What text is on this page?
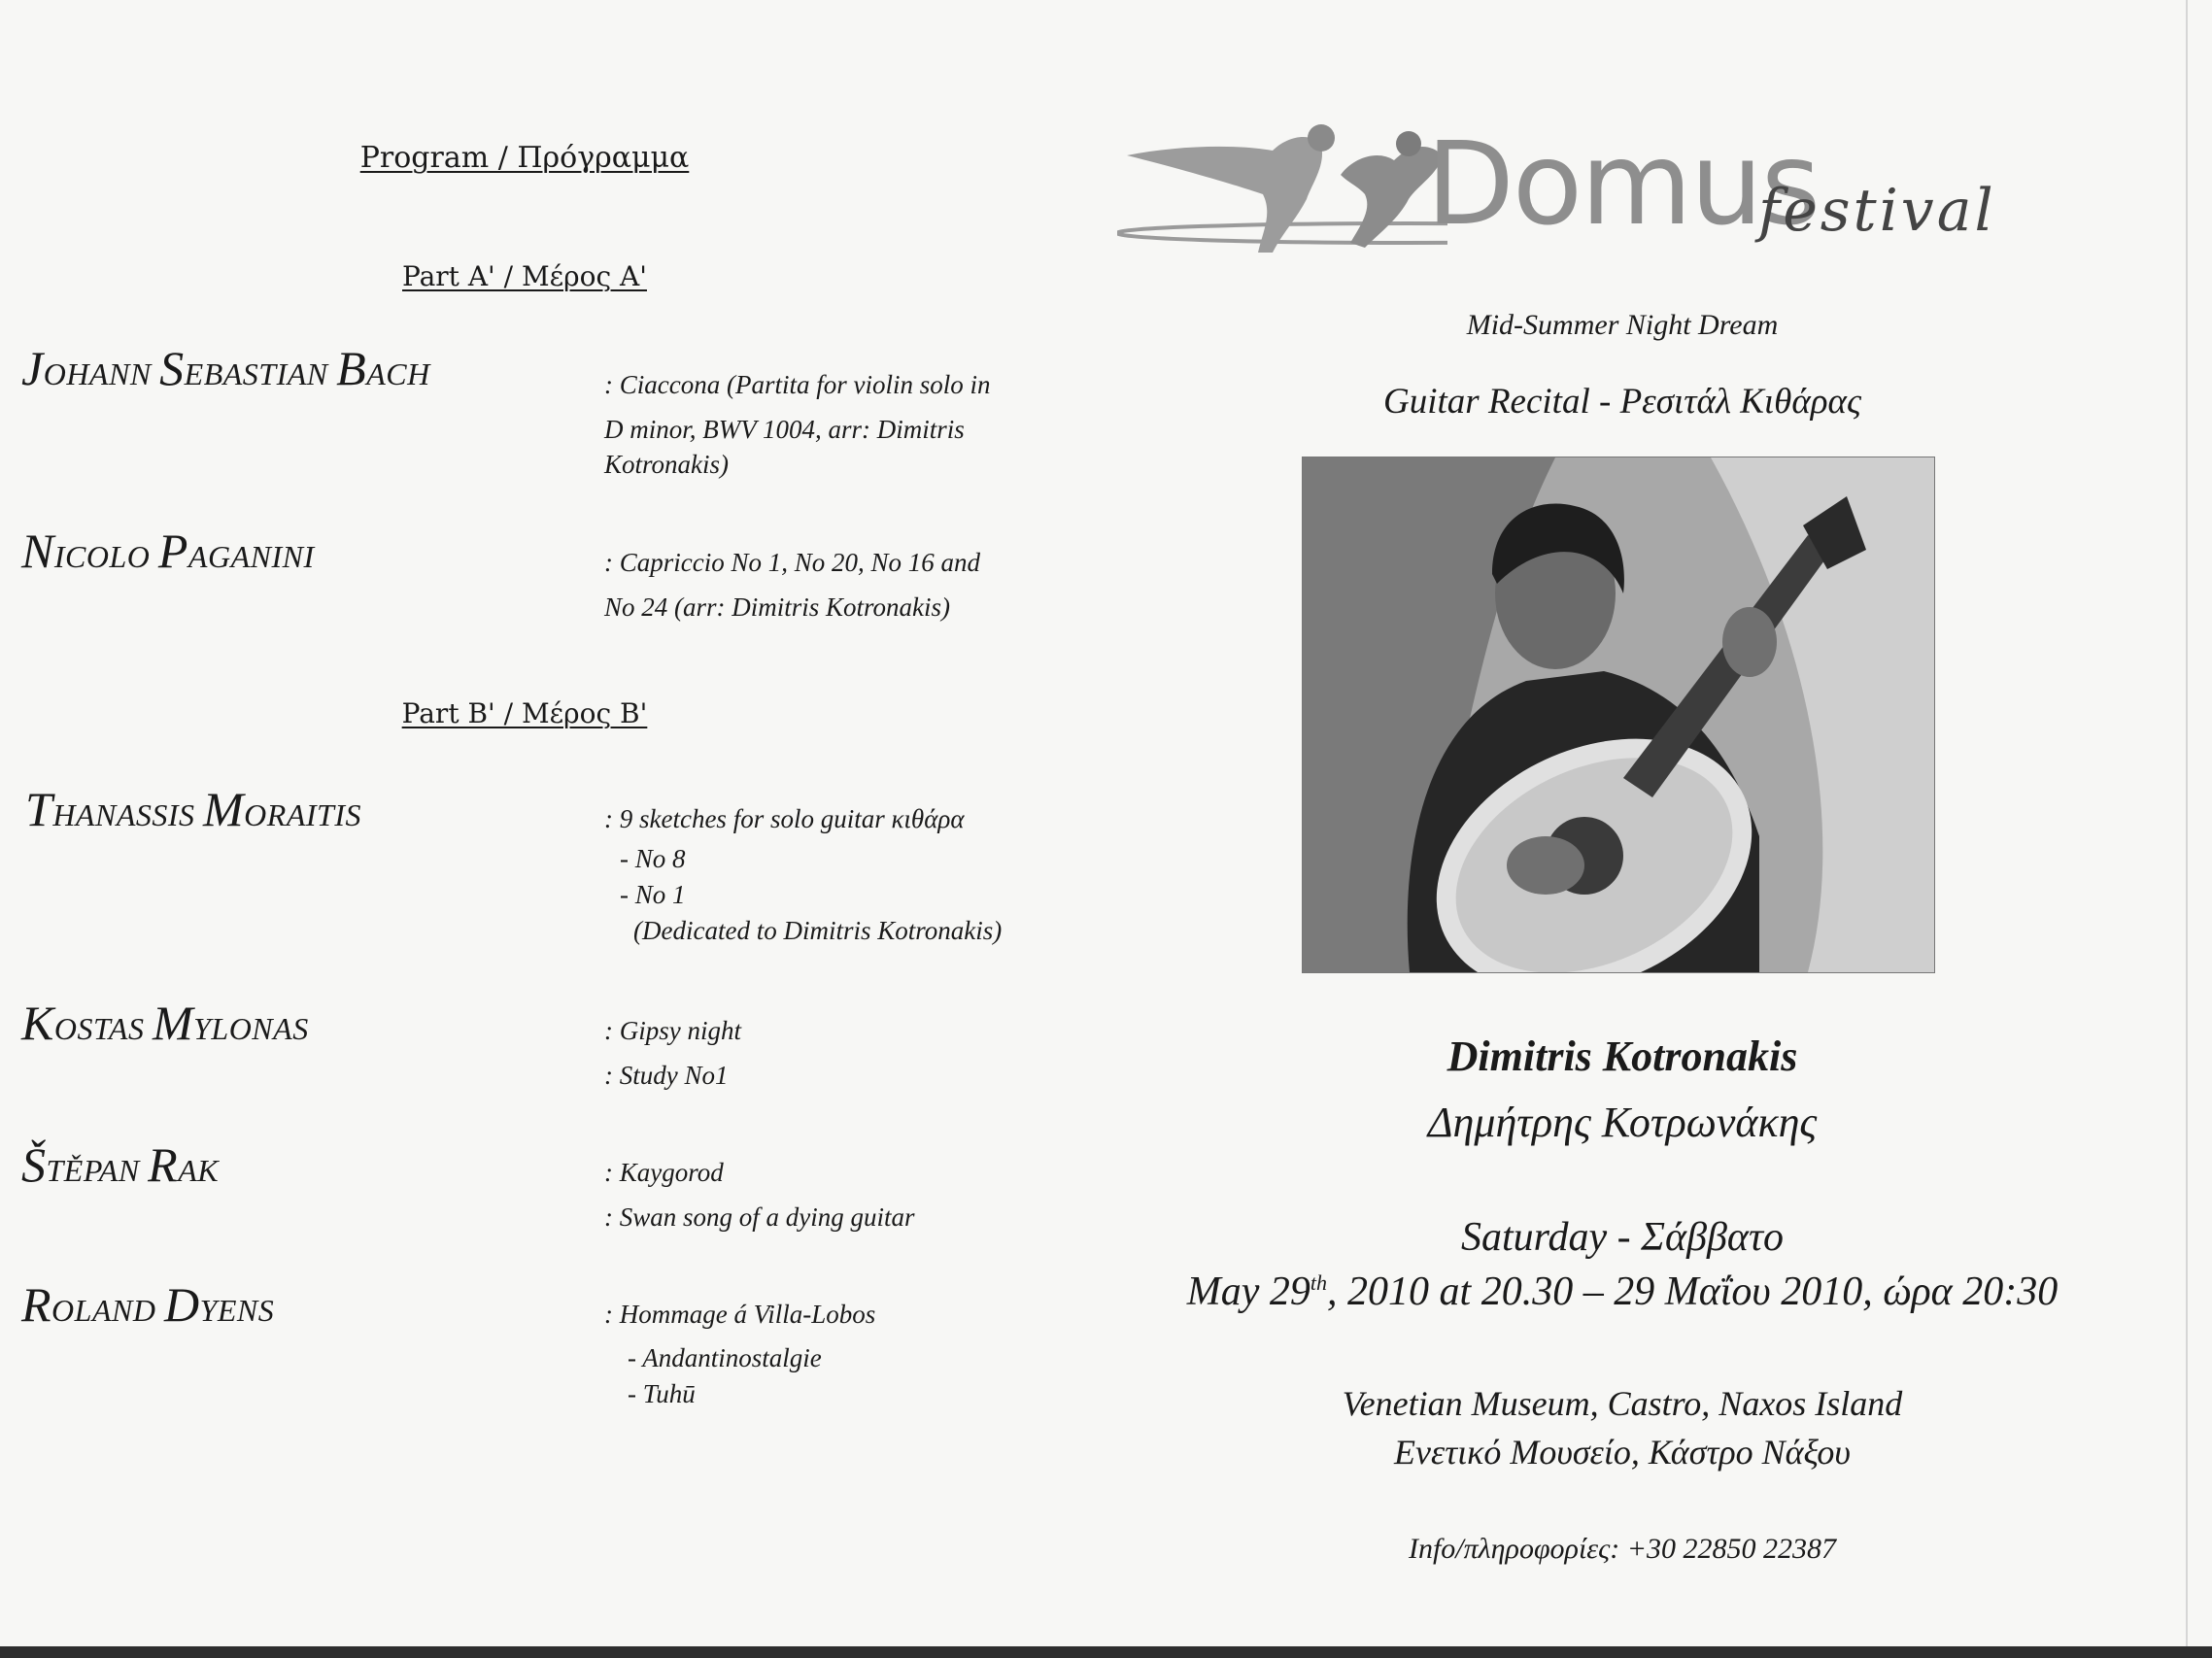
Program / Πρόγραμμα
Part A' / Μέρος Α'
JOHANN SEBASTIAN BACH	: Ciaccona (Partita for violin solo in
D minor, BWV 1004, arr: Dimitris
Kotronakis)
NICOLO PAGANINI	: Capriccio No 1, No 20, No 16 and
No 24 (arr: Dimitris Kotronakis)
Part B' / Μέρος Β'
THANASSIS MORAITIS	: 9 sketches for solo guitar κιθάρα
- No 8
- No 1
(Dedicated to Dimitris Kotronakis)
KOSTAS MYLONAS	: Gipsy night
: Study No1
ŠTĚPAN RAK	: Kaygorod
: Swan song of a dying guitar
ROLAND DYENS	: Hommage á Villa-Lobos
- Andantinostalgie
- Tuhū
Domus
festival
Mid-Summer Night Dream
Guitar Recital - Ρεσιτάλ Κιθάρας
Dimitris Kotronakis
Δημήτρης Κοτρωνάκης
Saturday - Σάββατο
May 29th, 2010 at 20.30 – 29 Μαΐου 2010, ώρα 20:30
Venetian Museum, Castro, Naxos Island
Ενετικό Μουσείο, Κάστρο Νάξου
Info/πληροφορίες: +30 22850 22387
